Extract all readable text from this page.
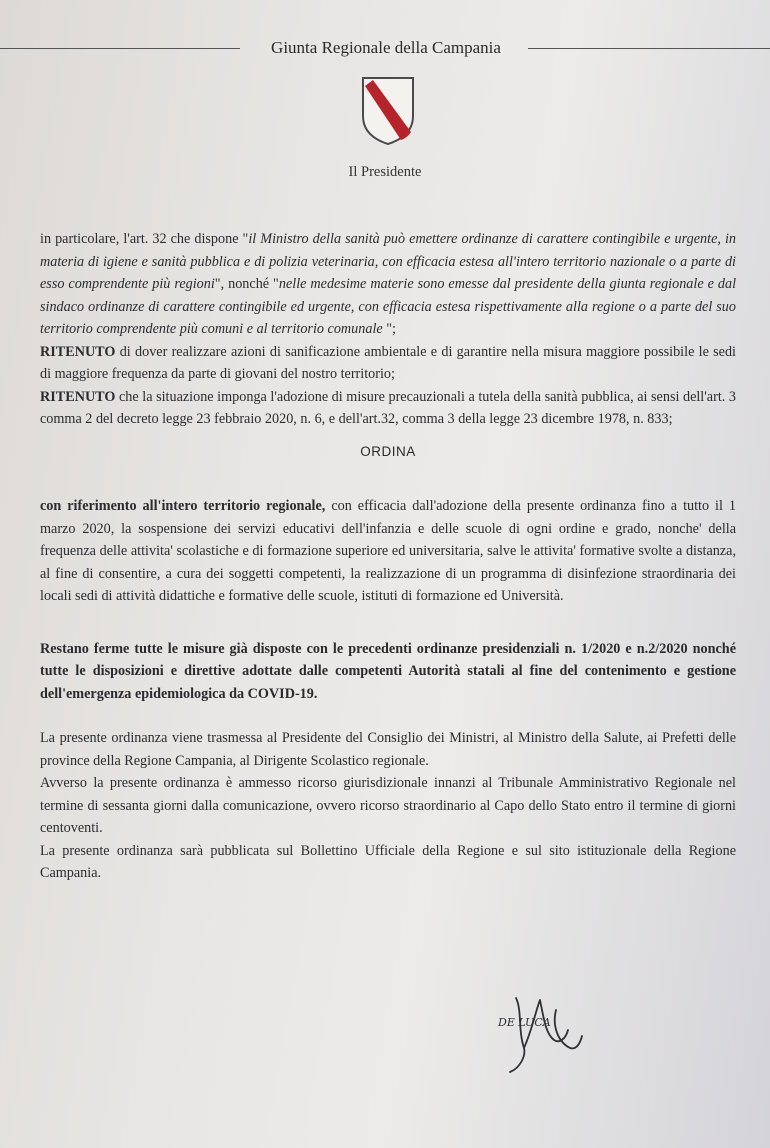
Giunta Regionale della Campania
Il Presidente

in particolare, l'art. 32 che dispone "il Ministro della sanità può emettere ordinanze di carattere contingibile e urgente, in materia di igiene e sanità pubblica e di polizia veterinaria, con efficacia estesa all'intero territorio nazionale o a parte di esso comprendente più regioni", nonché "nelle medesime materie sono emesse dal presidente della giunta regionale e dal sindaco ordinanze di carattere contingibile ed urgente, con efficacia estesa rispettivamente alla regione o a parte del suo territorio comprendente più comuni e al territorio comunale ";

RITENUTO di dover realizzare azioni di sanificazione ambientale e di garantire nella misura maggiore possibile le sedi di maggiore frequenza da parte di giovani del nostro territorio;

RITENUTO che la situazione imponga l'adozione di misure precauzionali a tutela della sanità pubblica, ai sensi dell'art. 3 comma 2 del decreto legge 23 febbraio 2020, n. 6, e dell'art.32, comma 3 della legge 23 dicembre 1978, n. 833;

ORDINA

con riferimento all'intero territorio regionale, con efficacia dall'adozione della presente ordinanza fino a tutto il 1 marzo 2020, la sospensione dei servizi educativi dell'infanzia e delle scuole di ogni ordine e grado, nonche' della frequenza delle attivita' scolastiche e di formazione superiore ed universitaria, salve le attivita' formative svolte a distanza, al fine di consentire, a cura dei soggetti competenti, la realizzazione di un programma di disinfezione straordinaria dei locali sedi di attività didattiche e formative delle scuole, istituti di formazione ed Università.

Restano ferme tutte le misure già disposte con le precedenti ordinanze presidenziali n. 1/2020 e n.2/2020 nonché tutte le disposizioni e direttive adottate dalle competenti Autorità statali al fine del contenimento e gestione dell'emergenza epidemiologica da COVID-19.

La presente ordinanza viene trasmessa al Presidente del Consiglio dei Ministri, al Ministro della Salute, ai Prefetti delle province della Regione Campania, al Dirigente Scolastico regionale.

Avverso la presente ordinanza è ammesso ricorso giurisdizionale innanzi al Tribunale Amministrativo Regionale nel termine di sessanta giorni dalla comunicazione, ovvero ricorso straordinario al Capo dello Stato entro il termine di giorni centoventi.

La presente ordinanza sarà pubblicata sul Bollettino Ufficiale della Regione e sul sito istituzionale della Regione Campania.

DE LUCA
